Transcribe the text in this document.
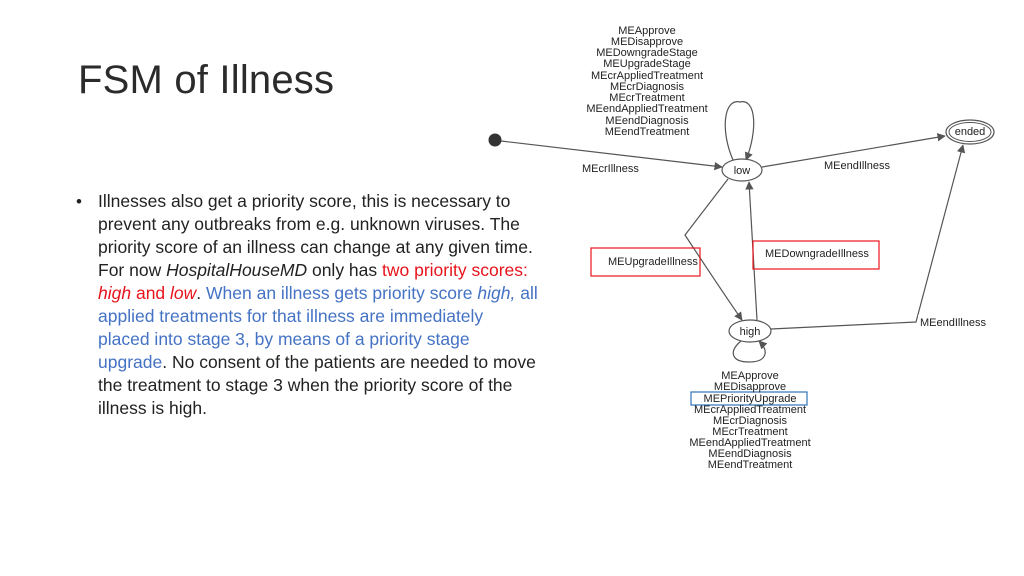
FSM of Illness
• Illnesses also get a priority score, this is necessary to prevent any outbreaks from e.g. unknown viruses. The priority score of an illness can change at any given time. For now HospitalHouseMD only has two priority scores: high and low. When an illness gets priority score high, all applied treatments for that illness are immediately placed into stage 3, by means of a priority stage upgrade. No consent of the patients are needed to move the treatment to stage 3 when the priority score of the illness is high.
MEApprove
MEDisapprove
MEDowngradeStage
MEUpgradeStage
MEcrAppliedTreatment
MEcrDiagnosis
MEcrTreatment
MEendAppliedTreatment
MEendDiagnosis
MEendTreatment
MEcrIllness	low
ended
MEendIllness
high
MEUpgradeIllness
MEDowngradeIllness
MEendIllness
MEApprove
MEDisapprove
MEPriorityUpgrade
MEcrAppliedTreatment
MEcrDiagnosis
MEcrTreatment
MEendAppliedTreatment
MEendDiagnosis
MEendTreatment
